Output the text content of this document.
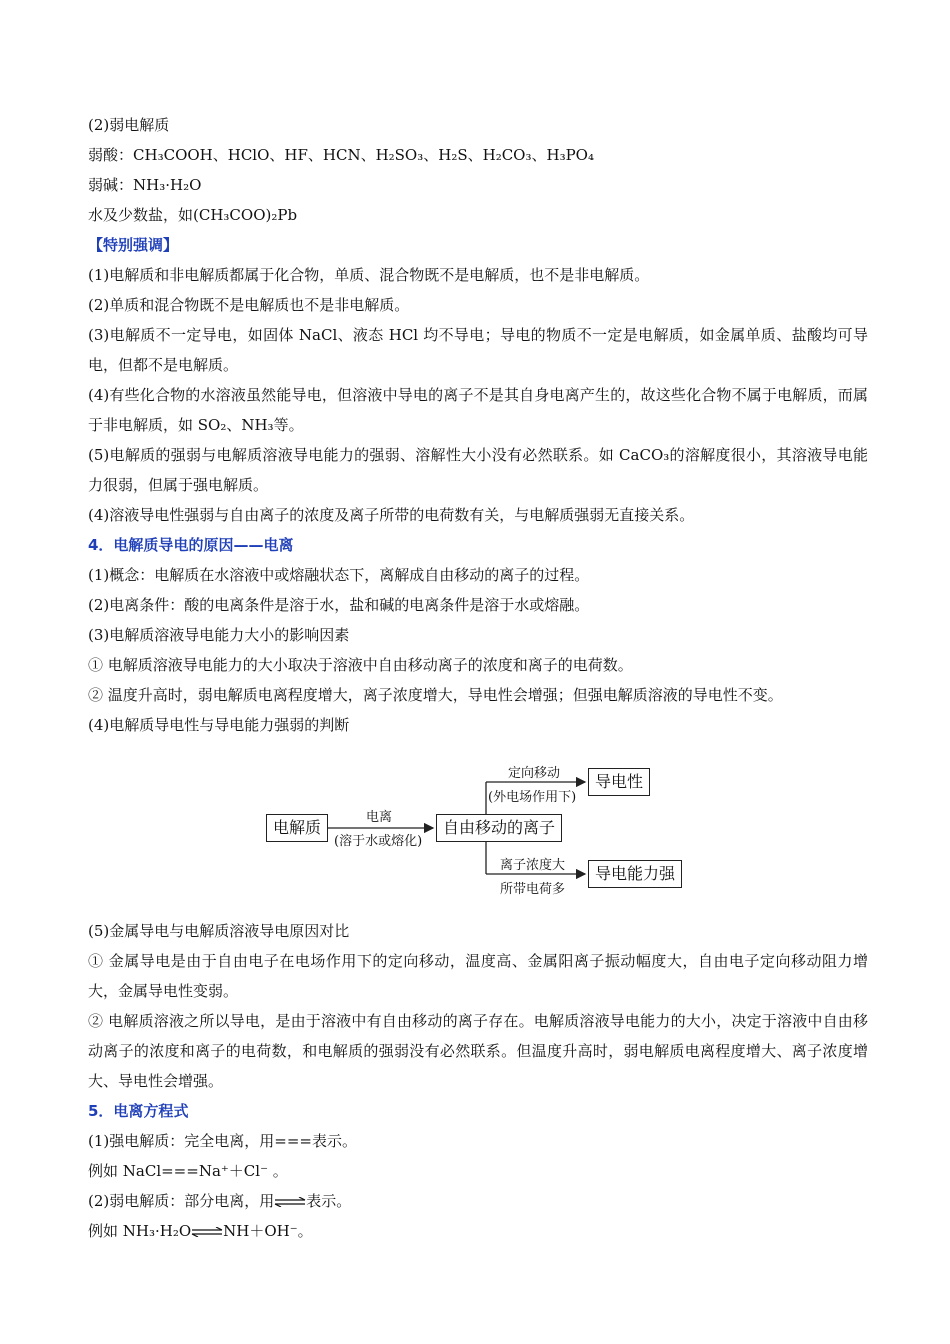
(2)弱电解质

弱酸：CH₃COOH、HClO、HF、HCN、H₂SO₃、H₂S、H₂CO₃、H₃PO₄

弱碱：NH₃·H₂O

水及少数盐，如(CH₃COO)₂Pb

【特别强调】

(1)电解质和非电解质都属于化合物，单质、混合物既不是电解质，也不是非电解质。

(2)单质和混合物既不是电解质也不是非电解质。

(3)电解质不一定导电，如固体 NaCl、液态 HCl 均不导电；导电的物质不一定是电解质，如金属单质、盐酸均可导电，但都不是电解质。

(4)有些化合物的水溶液虽然能导电，但溶液中导电的离子不是其自身电离产生的，故这些化合物不属于电解质，而属于非电解质，如 SO₂、NH₃等。

(5)电解质的强弱与电解质溶液导电能力的强弱、溶解性大小没有必然联系。如 CaCO₃的溶解度很小，其溶液导电能力很弱，但属于强电解质。

(4)溶液导电性强弱与自由离子的浓度及离子所带的电荷数有关，与电解质强弱无直接关系。

4．电解质导电的原因——电离

(1)概念：电解质在水溶液中或熔融状态下，离解成自由移动的离子的过程。

(2)电离条件：酸的电离条件是溶于水，盐和碱的电离条件是溶于水或熔融。

(3)电解质溶液导电能力大小的影响因素

① 电解质溶液导电能力的大小取决于溶液中自由移动离子的浓度和离子的电荷数。

② 温度升高时，弱电解质电离程度增大，离子浓度增大，导电性会增强；但强电解质溶液的导电性不变。

(4)电解质导电性与导电能力强弱的判断

电解质
电离
(溶于水或熔化)
自由移动的离子
定向移动
(外电场作用下)
导电性
离子浓度大
所带电荷多
导电能力强

(5)金属导电与电解质溶液导电原因对比

① 金属导电是由于自由电子在电场作用下的定向移动，温度高、金属阳离子振动幅度大，自由电子定向移动阻力增大，金属导电性变弱。

② 电解质溶液之所以导电，是由于溶液中有自由移动的离子存在。电解质溶液导电能力的大小，决定于溶液中自由移动离子的浓度和离子的电荷数，和电解质的强弱没有必然联系。但温度升高时，弱电解质电离程度增大、离子浓度增大、导电性会增强。

5．电离方程式

(1)强电解质：完全电离，用===表示。

例如 NaCl===Na⁺＋Cl⁻ 。

(2)弱电解质：部分电离，用⇌表示。

例如 NH₃·H₂O⇌NH＋OH⁻。
